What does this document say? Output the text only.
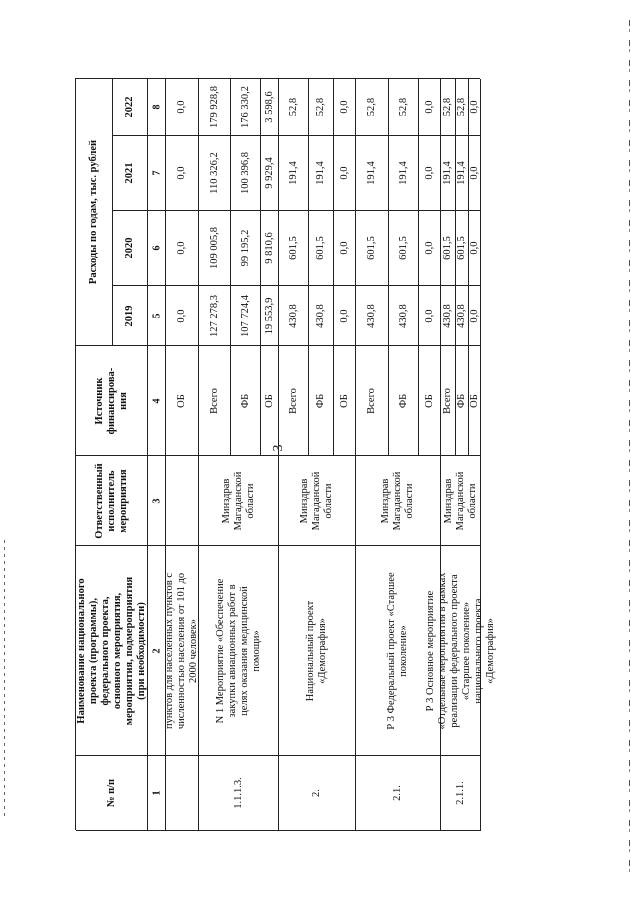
3
№ п/п
Наименование национального
проекта (программы),
федерального проекта,
основного мероприятия,
мероприятия, подмероприятия
(при необходимости)
Ответственный
исполнитель
мероприятия
Источник
финансирова-
ния
Расходы по годам, тыс. рублей
2019
2020
2021
2022
1
2
3
4
5
6
7
8
пунктов для населенных пунктов с
численностью населения от 101 до
2000 человек»
ОБ
0,0
0,0
0,0
0,0
1.1.1.3.
N 1 Мероприятие «Обеспечение
закупки авиационных работ в
целях оказания медицинской
помощи»
Минздрав
Магаданской
области
Всего
127 278,3
109 005,8
110 326,2
179 928,8
ФБ
107 724,4
99 195,2
100 396,8
176 330,2
ОБ
19 553,9
9 810,6
9 929,4
3 598,6
2.
Национальный проект
«Демография»
Минздрав
Магаданской
области
Всего
430,8
601,5
191,4
52,8
ФБ
430,8
601,5
191,4
52,8
ОБ
0,0
0,0
0,0
0,0
2.1.
Р 3 Федеральный проект «Старшее
поколение»
Минздрав
Магаданской
области
Всего
430,8
601,5
191,4
52,8
ФБ
430,8
601,5
191,4
52,8
ОБ
0,0
0,0
0,0
0,0
2.1.1.
Р 3 Основное мероприятие
«Отдельные мероприятия в рамках
реализации федерального проекта
«Старшее поколение»
национального проекта
«Демография»
Минздрав
Магаданской
области
Всего
430,8
601,5
191,4
52,8
ФБ
430,8
601,5
191,4
52,8
ОБ
0,0
0,0
0,0
0,0
